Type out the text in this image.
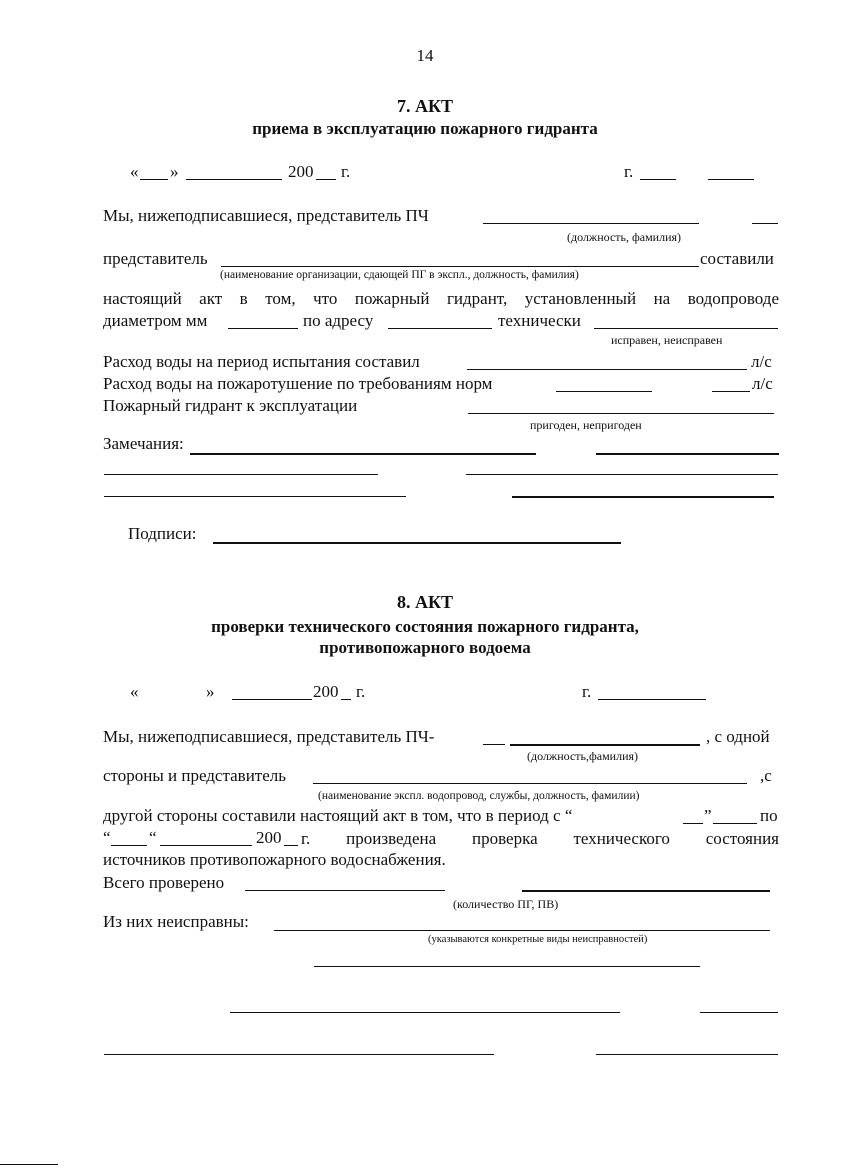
14
7. АКТ
приема в эксплуатацию пожарного гидранта
« »	200 г.	г.
Мы, нижеподписавшиеся, представитель ПЧ
(должность, фамилия)
представитель	составили
(наименование организации, сдающей ПГ в экспл., должность, фамилия)
настоящий акт в том, что пожарный гидрант, установленный на водопроводе
диаметром мм	по адресу	технически
исправен, неисправен
Расход воды на период испытания составил	л/с
Расход воды на пожаротушение по требованиям норм	л/с
Пожарный гидрант к эксплуатации
пригоден, непригоден
Замечания:
Подписи:
8. АКТ
проверки технического состояния пожарного гидранта,
противопожарного водоема
«	»	200 г.	г.
Мы, нижеподписавшиеся, представитель ПЧ-	, с одной
(должность,фамилия)
стороны и представитель	,с
(наименование экспл. водопровод, службы, должность, фамилии)
другой стороны составили настоящий акт в том, что в период с “	”	по
“ “	200 г. произведена проверка технического состояния
источников противопожарного водоснабжения.
Всего проверено
(количество ПГ, ПВ)
Из них неисправны:
(указываются конкретные виды неисправностей)
